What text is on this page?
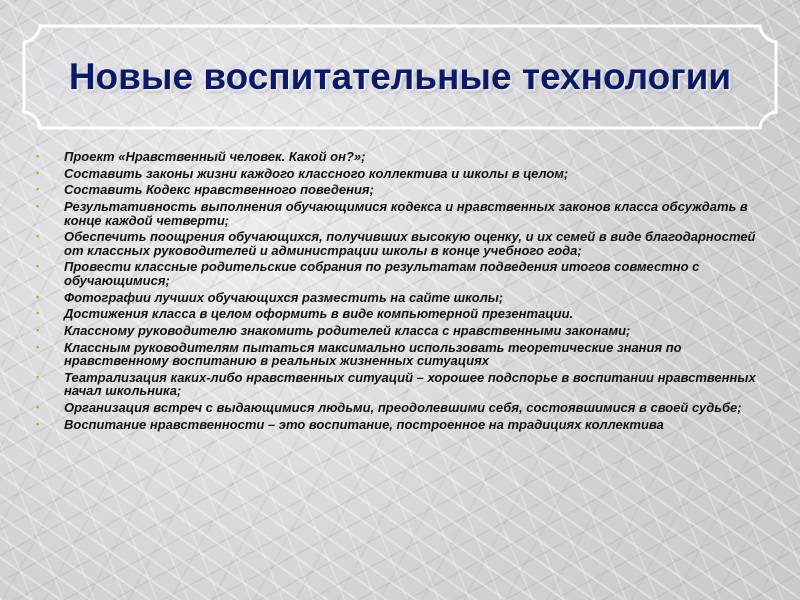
Новые воспитательные технологии
▪ Проект «Нравственный человек. Какой он?»;
▪ Составить законы жизни каждого классного коллектива и школы в целом;
▪ Составить Кодекс нравственного поведения;
▪ Результативность выполнения обучающимися кодекса и нравственных законов класса обсуждать в конце каждой четверти;
▪ Обеспечить поощрения обучающихся, получивших высокую оценку, и их семей в виде благодарностей от классных руководителей и администрации школы в конце учебного года;
▪ Провести классные родительские собрания по результатам подведения итогов совместно с обучающимися;
▪ Фотографии лучших обучающихся разместить на сайте школы;
▪ Достижения класса в целом оформить в виде компьютерной презентации.
▪ Классному руководителю знакомить родителей класса с нравственными законами;
▪ Классным руководителям пытаться максимально использовать теоретические знания по нравственному воспитанию в реальных жизненных ситуациях
▪ Театрализация каких-либо нравственных ситуаций – хорошее подспорье в воспитании нравственных начал школьника;
▪ Организация встреч с выдающимися людьми, преодолевшими себя, состоявшимися в своей судьбе;
▪ Воспитание нравственности – это воспитание, построенное на традициях коллектива
